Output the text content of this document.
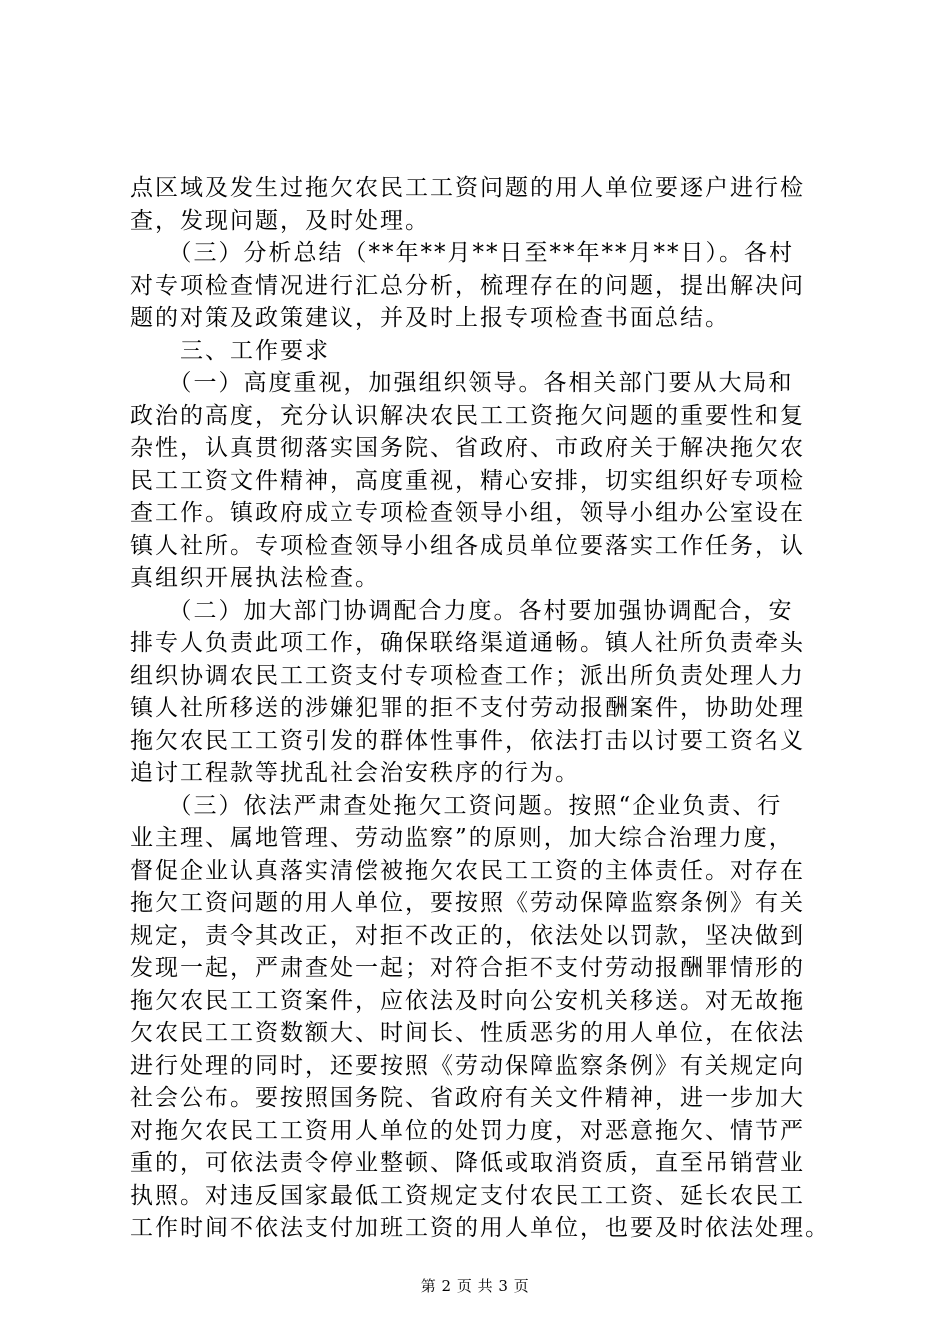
点区域及发生过拖欠农民工工资问题的用人单位要逐户进行检
查，发现问题，及时处理。
　　（三）分析总结（**年**月**日至**年**月**日）。各村
对专项检查情况进行汇总分析，梳理存在的问题，提出解决问
题的对策及政策建议，并及时上报专项检查书面总结。
　　三、工作要求
　　（一）高度重视，加强组织领导。各相关部门要从大局和
政治的高度，充分认识解决农民工工资拖欠问题的重要性和复
杂性，认真贯彻落实国务院、省政府、市政府关于解决拖欠农
民工工资文件精神，高度重视，精心安排，切实组织好专项检
查工作。镇政府成立专项检查领导小组，领导小组办公室设在
镇人社所。专项检查领导小组各成员单位要落实工作任务，认
真组织开展执法检查。
　　（二）加大部门协调配合力度。各村要加强协调配合，安
排专人负责此项工作，确保联络渠道通畅。镇人社所负责牵头
组织协调农民工工资支付专项检查工作；派出所负责处理人力
镇人社所移送的涉嫌犯罪的拒不支付劳动报酬案件，协助处理
拖欠农民工工资引发的群体性事件，依法打击以讨要工资名义
追讨工程款等扰乱社会治安秩序的行为。
　　（三）依法严肃查处拖欠工资问题。按照“企业负责、行
业主理、属地管理、劳动监察”的原则，加大综合治理力度，
督促企业认真落实清偿被拖欠农民工工资的主体责任。对存在
拖欠工资问题的用人单位，要按照《劳动保障监察条例》有关
规定，责令其改正，对拒不改正的，依法处以罚款，坚决做到
发现一起，严肃查处一起；对符合拒不支付劳动报酬罪情形的
拖欠农民工工资案件，应依法及时向公安机关移送。对无故拖
欠农民工工资数额大、时间长、性质恶劣的用人单位，在依法
进行处理的同时，还要按照《劳动保障监察条例》有关规定向
社会公布。要按照国务院、省政府有关文件精神，进一步加大
对拖欠农民工工资用人单位的处罚力度，对恶意拖欠、情节严
重的，可依法责令停业整顿、降低或取消资质，直至吊销营业
执照。对违反国家最低工资规定支付农民工工资、延长农民工
工作时间不依法支付加班工资的用人单位，也要及时依法处理。
第 2 页 共 3 页
